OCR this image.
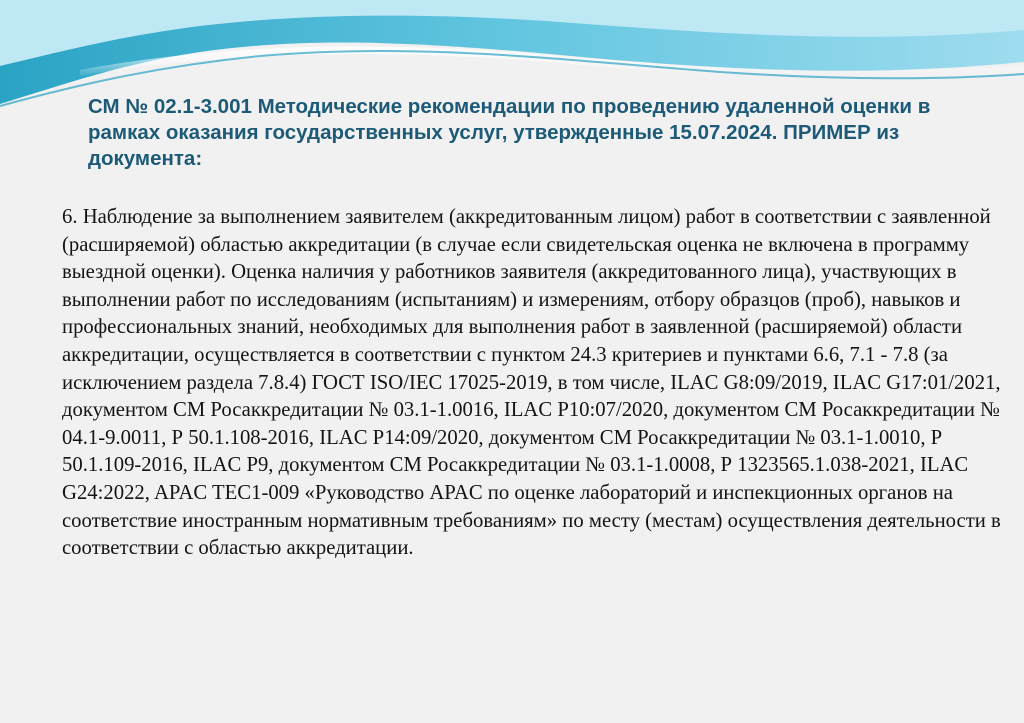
СМ № 02.1-3.001 Методические рекомендации по проведению удаленной оценки в рамках оказания государственных услуг, утвержденные 15.07.2024. ПРИМЕР из документа:

6. Наблюдение за выполнением заявителем (аккредитованным лицом) работ в соответствии с заявленной (расширяемой) областью аккредитации (в случае если свидетельская оценка не включена в программу выездной оценки). Оценка наличия у работников заявителя (аккредитованного лица), участвующих в выполнении работ по исследованиям (испытаниям) и измерениям, отбору образцов (проб), навыков и профессиональных знаний, необходимых для выполнения работ в заявленной (расширяемой) области аккредитации, осуществляется в соответствии с пунктом 24.3 критериев и пунктами 6.6, 7.1 - 7.8 (за исключением раздела 7.8.4) ГОСТ ISO/IEC 17025-2019, в том числе, ILAC G8:09/2019, ILAC G17:01/2021, документом СМ Росаккредитации № 03.1-1.0016, ILAC P10:07/2020, документом СМ Росаккредитации № 04.1-9.0011, Р 50.1.108-2016, ILAC P14:09/2020, документом СМ Росаккредитации № 03.1-1.0010, Р 50.1.109-2016, ILAC P9, документом СМ Росаккредитации № 03.1-1.0008, Р 1323565.1.038-2021, ILAC G24:2022, APAC TEC1-009 «Руководство APAC по оценке лабораторий и инспекционных органов на соответствие иностранным нормативным требованиям» по месту (местам) осуществления деятельности в соответствии с областью аккредитации.
